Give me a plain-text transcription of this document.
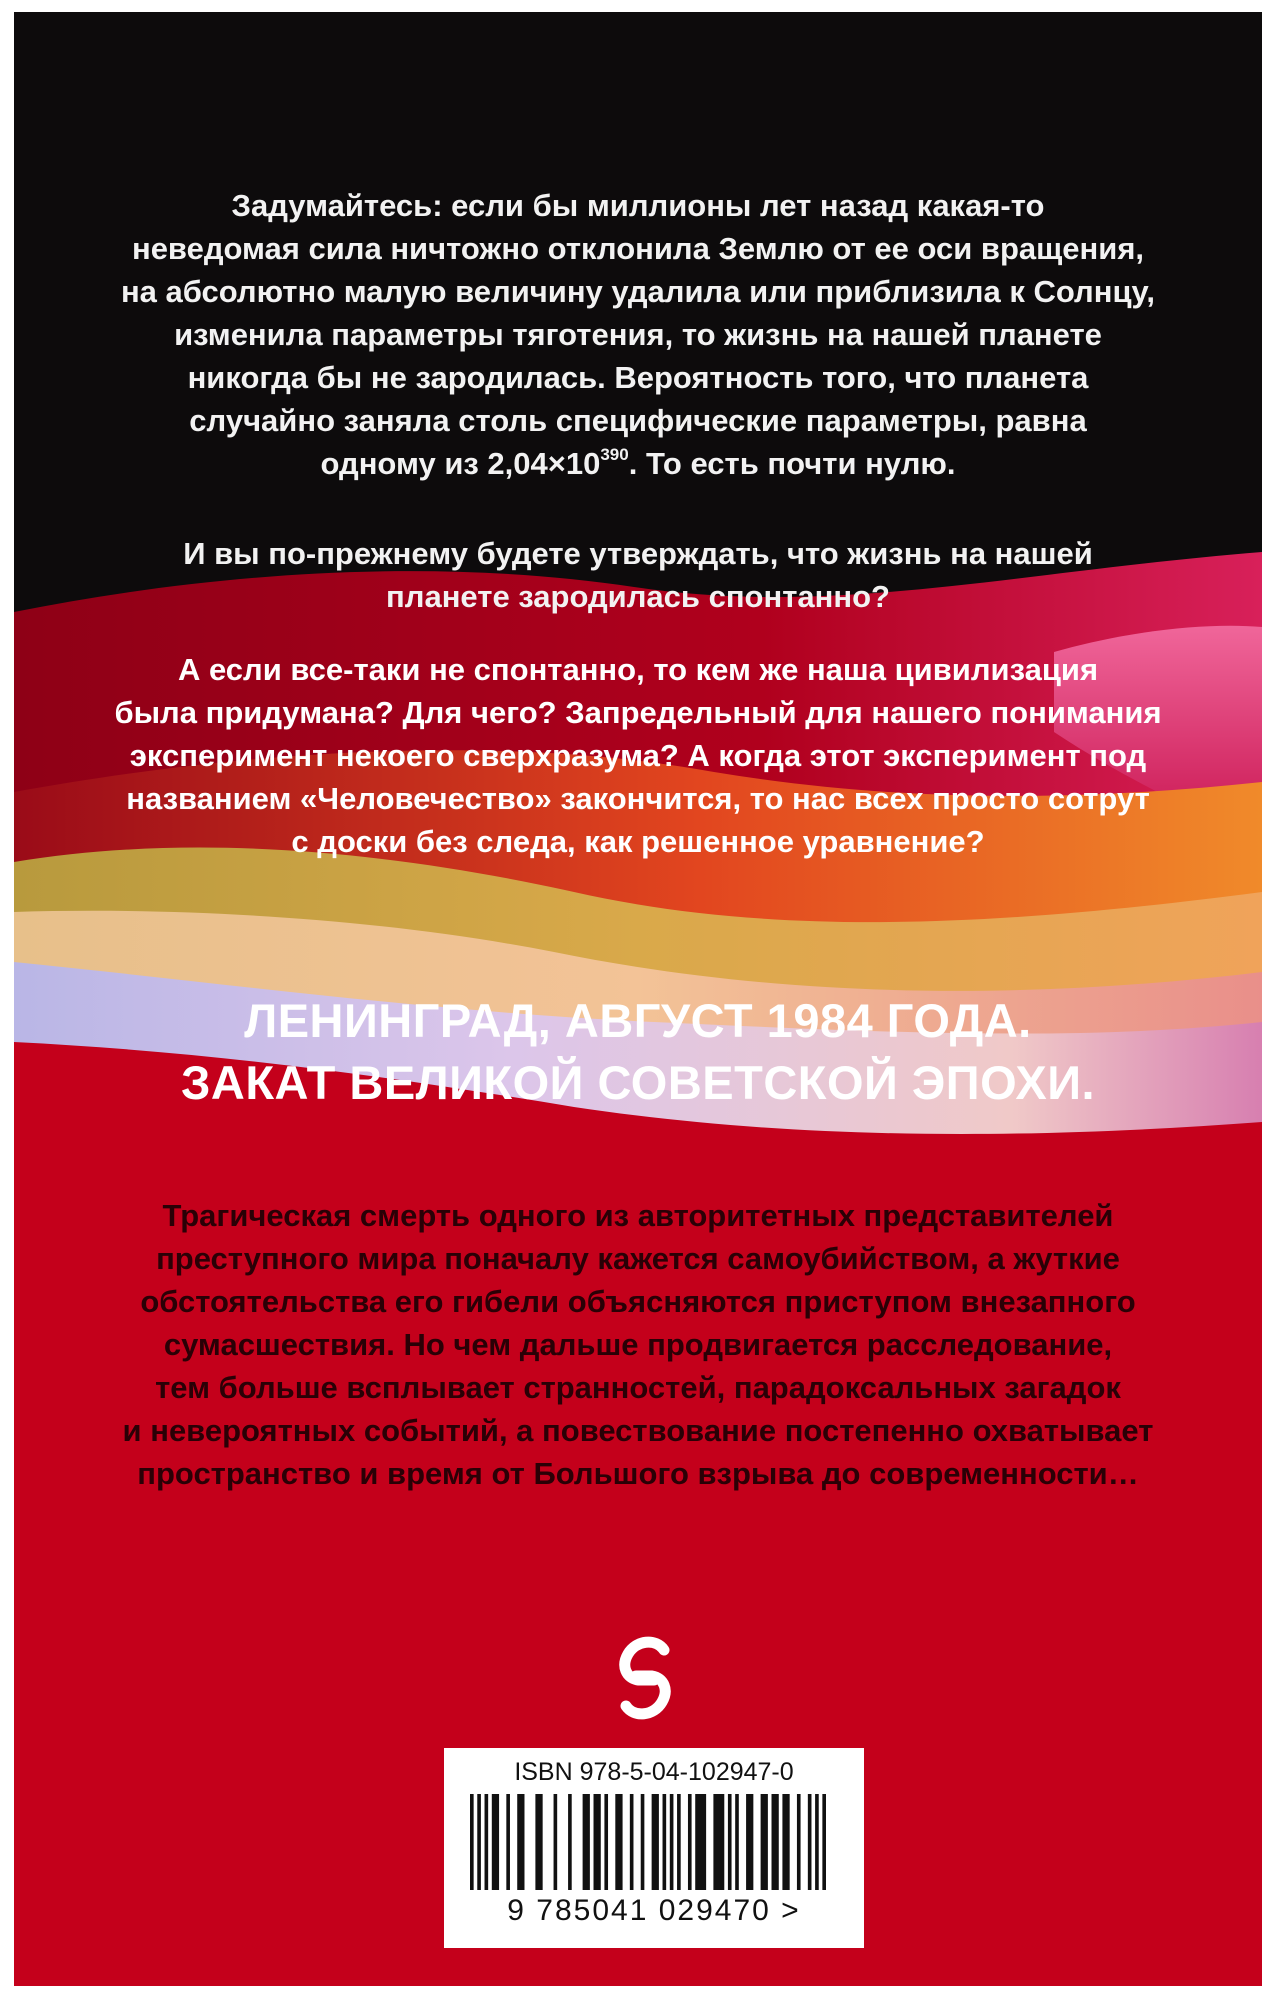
Задумайтесь: если бы миллионы лет назад какая-то
неведомая сила ничтожно отклонила Землю от ее оси вращения,
на абсолютно малую величину удалила или приблизила к Солнцу,
изменила параметры тяготения, то жизнь на нашей планете
никогда бы не зародилась. Вероятность того, что планета
случайно заняла столь специфические параметры, равна
одному из $2,04\times 10^{390}$. То есть почти нулю.
И вы по-прежнему будете утверждать, что жизнь на нашей
планете зародилась спонтанно?
А если все-таки не спонтанно, то кем же наша цивилизация
была придумана? Для чего? Запредельный для нашего понимания
эксперимент некоего сверхразума? А когда этот эксперимент под
названием «Человечество» закончится, то нас всех просто сотрут
с доски без следа, как решенное уравнение?
ЛЕНИНГРАД, АВГУСТ 1984 ГОДА.
ЗАКАТ ВЕЛИКОЙ СОВЕТСКОЙ ЭПОХИ.
Трагическая смерть одного из авторитетных представителей
преступного мира поначалу кажется самоубийством, а жуткие
обстоятельства его гибели объясняются приступом внезапного
сумасшествия. Но чем дальше продвигается расследование,
тем больше всплывает странностей, парадоксальных загадок
и невероятных событий, а повествование постепенно охватывает
пространство и время от Большого взрыва до современности…
ISBN 978-5-04-102947-0
9 785041 029470 >
